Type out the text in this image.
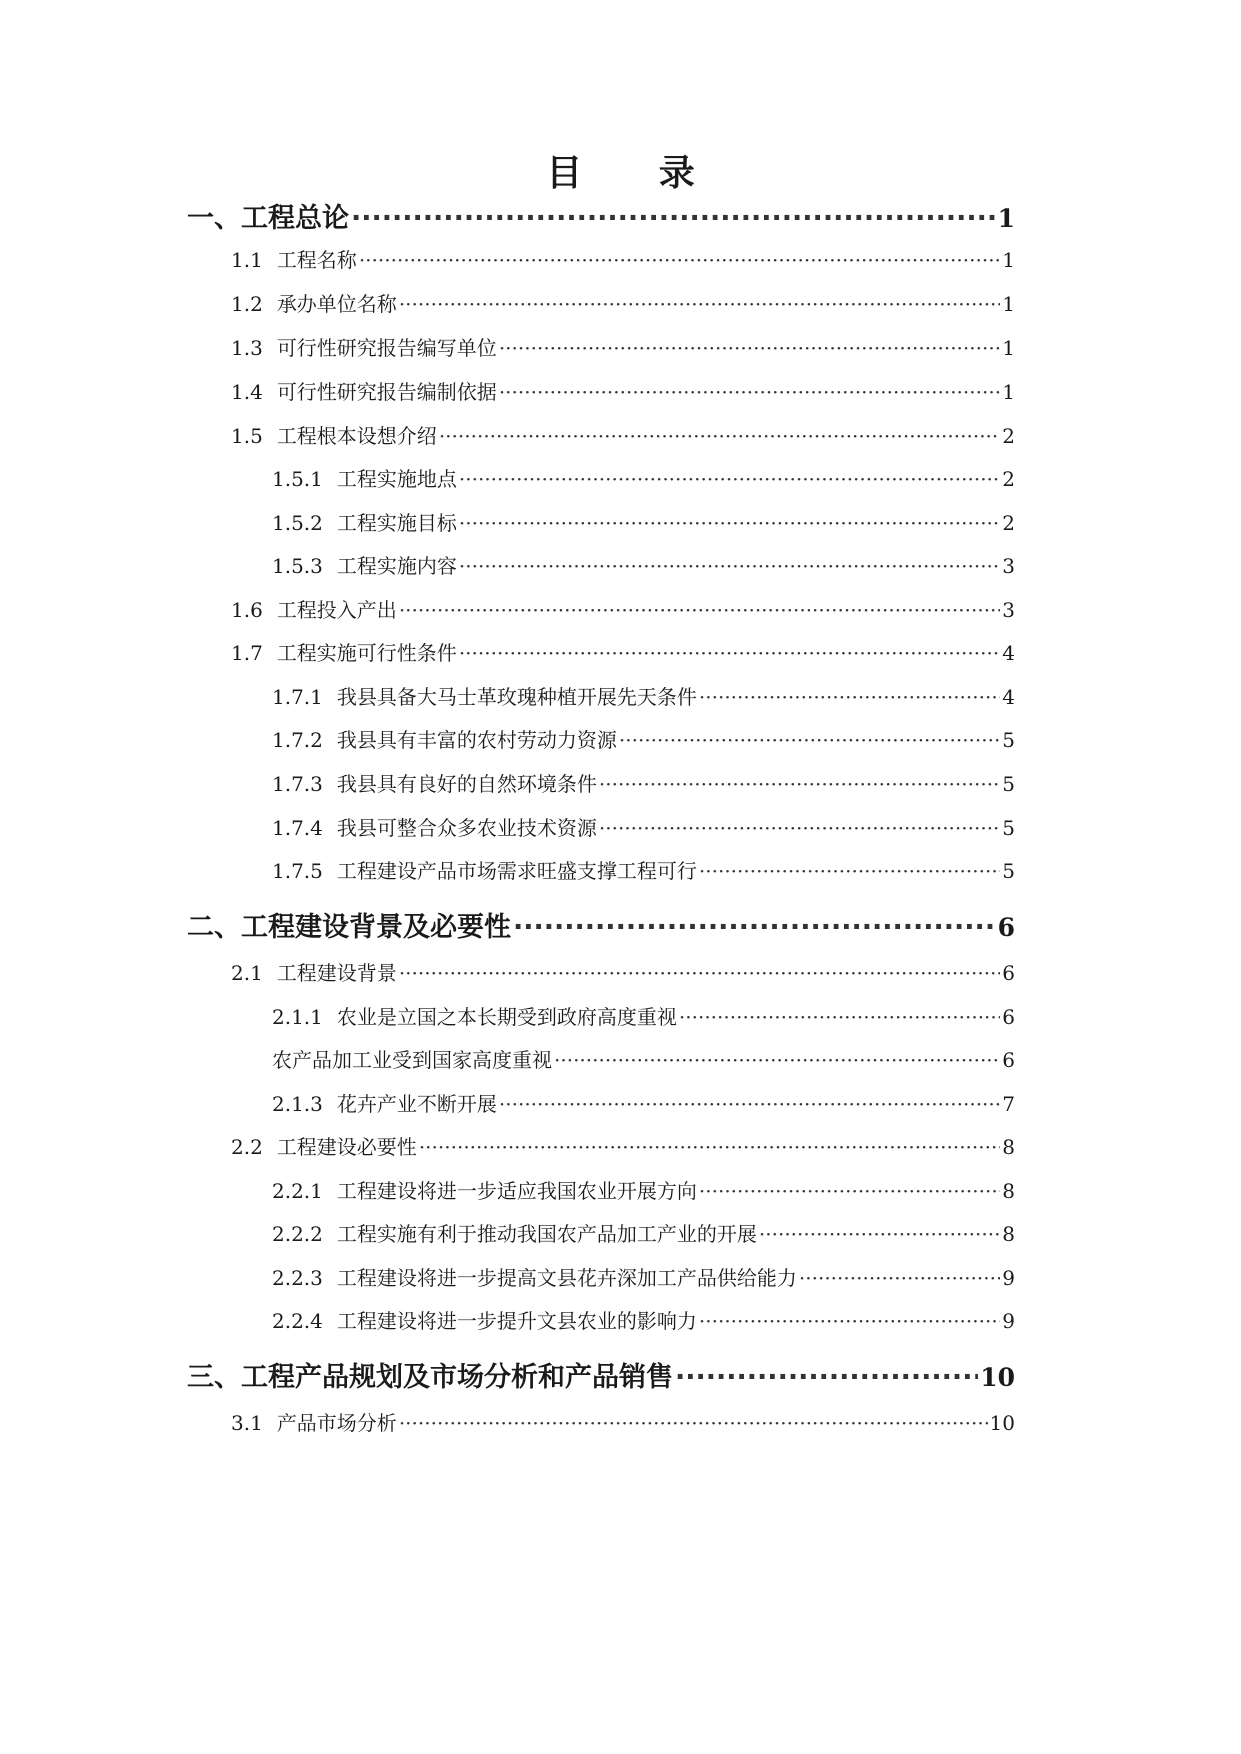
目 录
一、工程总论 ·····	1
1.1 工程名称 ·····	1
1.2 承办单位名称 ·····	1
1.3 可行性研究报告编写单位 ·····	1
1.4 可行性研究报告编制依据 ·····	1
1.5 工程根本设想介绍 ·····	2
1.5.1 工程实施地点 ·····	2
1.5.2 工程实施目标 ·····	2
1.5.3 工程实施内容 ·····	3
1.6 工程投入产出 ·····	3
1.7 工程实施可行性条件 ·····	4
1.7.1 我县具备大马士革玫瑰种植开展先天条件 ·····	4
1.7.2 我县具有丰富的农村劳动力资源 ·····	5
1.7.3 我县具有良好的自然环境条件 ·····	5
1.7.4 我县可整合众多农业技术资源 ·····	5
1.7.5 工程建设产品市场需求旺盛支撑工程可行 ·····	5
二、工程建设背景及必要性 ·····	6
2.1 工程建设背景 ·····	6
2.1.1 农业是立国之本长期受到政府高度重视 ·····	6
农产品加工业受到国家高度重视 ·····	6
2.1.3 花卉产业不断开展 ·····	7
2.2 工程建设必要性 ·····	8
2.2.1 工程建设将进一步适应我国农业开展方向 ·····	8
2.2.2 工程实施有利于推动我国农产品加工产业的开展 ·····	8
2.2.3 工程建设将进一步提高文县花卉深加工产品供给能力 ·····	9
2.2.4 工程建设将进一步提升文县农业的影响力 ·····	9
三、工程产品规划及市场分析和产品销售 ·····	10
3.1 产品市场分析 ·····	10
